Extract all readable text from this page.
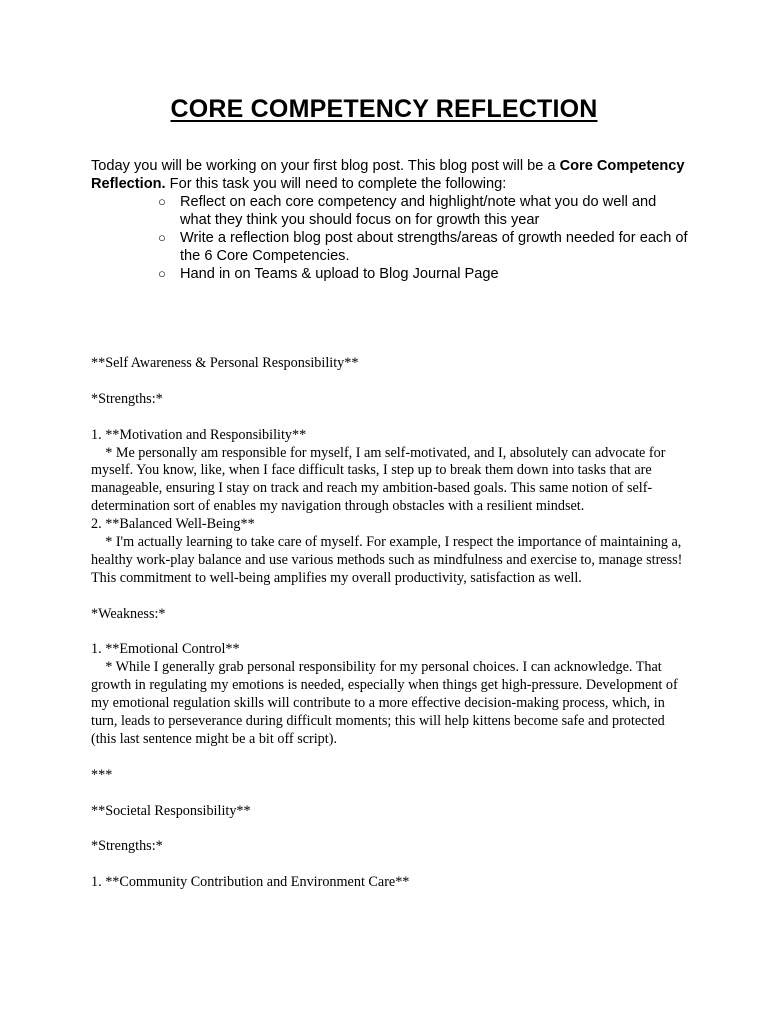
CORE COMPETENCY REFLECTION

Today you will be working on your first blog post. This blog post will be a Core Competency Reflection. For this task you will need to complete the following:

○ Reflect on each core competency and highlight/note what you do well and what they think you should focus on for growth this year
○ Write a reflection blog post about strengths/areas of growth needed for each of the 6 Core Competencies.
○ Hand in on Teams & upload to Blog Journal Page

**Self Awareness & Personal Responsibility**

*Strengths:*

1. **Motivation and Responsibility**

* Me personally am responsible for myself, I am self-motivated, and I, absolutely can advocate for myself. You know, like, when I face difficult tasks, I step up to break them down into tasks that are manageable, ensuring I stay on track and reach my ambition-based goals. This same notion of self-determination sort of enables my navigation through obstacles with a resilient mindset.

2. **Balanced Well-Being**

* I'm actually learning to take care of myself. For example, I respect the importance of maintaining a, healthy work-play balance and use various methods such as mindfulness and exercise to, manage stress! This commitment to well-being amplifies my overall productivity, satisfaction as well.

*Weakness:*

1. **Emotional Control**

* While I generally grab personal responsibility for my personal choices. I can acknowledge. That growth in regulating my emotions is needed, especially when things get high-pressure. Development of my emotional regulation skills will contribute to a more effective decision-making process, which, in turn, leads to perseverance during difficult moments; this will help kittens become safe and protected (this last sentence might be a bit off script).

***

**Societal Responsibility**

*Strengths:*

1. **Community Contribution and Environment Care**
